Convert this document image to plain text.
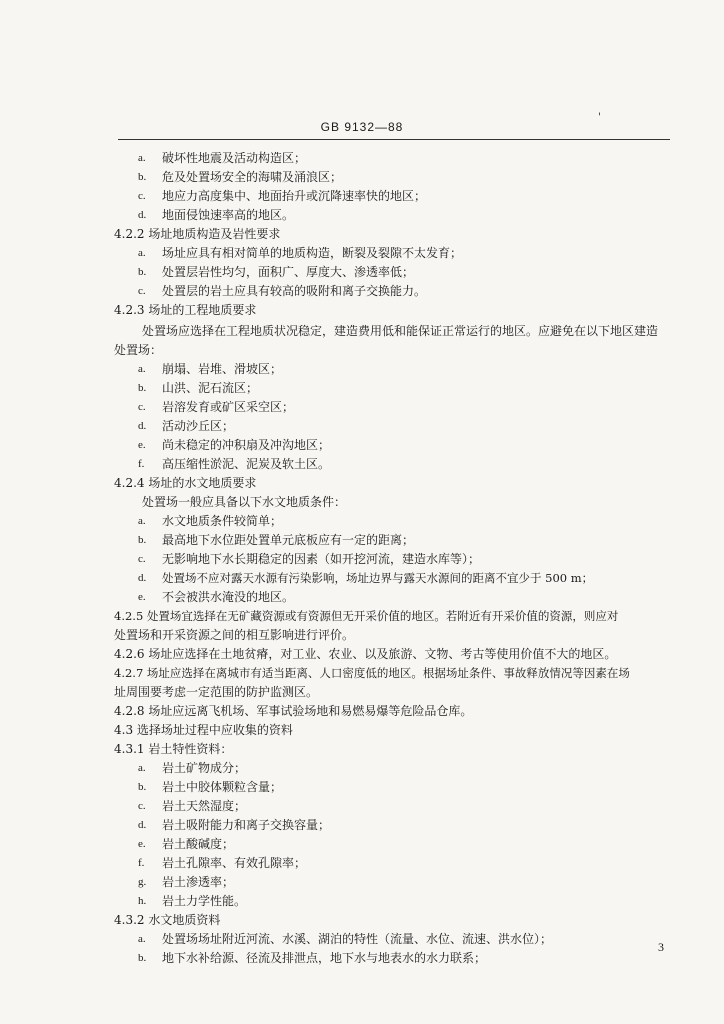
'
GB 9132—88
a.	破坏性地震及活动构造区；
b.	危及处置场安全的海啸及涌浪区；
c.	地应力高度集中、地面抬升或沉降速率快的地区；
d.	地面侵蚀速率高的地区。
4.2.2 场址地质构造及岩性要求
a.	场址应具有相对简单的地质构造，断裂及裂隙不太发育；
b.	处置层岩性均匀，面积广、厚度大、渗透率低；
c.	处置层的岩土应具有较高的吸附和离子交换能力。
4.2.3 场址的工程地质要求
处置场应选择在工程地质状况稳定，建造费用低和能保证正常运行的地区。应避免在以下地区建造
处置场：
a.	崩塌、岩堆、滑坡区；
b.	山洪、泥石流区；
c.	岩溶发育或矿区采空区；
d.	活动沙丘区；
e.	尚未稳定的冲积扇及冲沟地区；
f.	高压缩性淤泥、泥炭及软土区。
4.2.4 场址的水文地质要求
处置场一般应具备以下水文地质条件：
a.	水文地质条件较简单；
b.	最高地下水位距处置单元底板应有一定的距离；
c.	无影响地下水长期稳定的因素（如开挖河流，建造水库等）；
d.	处置场不应对露天水源有污染影响，场址边界与露天水源间的距离不宜少于 500 m；
e.	不会被洪水淹没的地区。
4.2.5 处置场宜选择在无矿藏资源或有资源但无开采价值的地区。若附近有开采价值的资源，则应对
处置场和开采资源之间的相互影响进行评价。
4.2.6 场址应选择在土地贫瘠，对工业、农业、以及旅游、文物、考古等使用价值不大的地区。
4.2.7 场址应选择在离城市有适当距离、人口密度低的地区。根据场址条件、事故释放情况等因素在场
址周围要考虑一定范围的防护监测区。
4.2.8 场址应远离飞机场、军事试验场地和易燃易爆等危险品仓库。
4.3 选择场址过程中应收集的资料
4.3.1 岩土特性资料：
a.	岩土矿物成分；
b.	岩土中胶体颗粒含量；
c.	岩土天然湿度；
d.	岩土吸附能力和离子交换容量；
e.	岩土酸碱度；
f.	岩土孔隙率、有效孔隙率；
g.	岩土渗透率；
h.	岩土力学性能。
4.3.2 水文地质资料
a.	处置场场址附近河流、水溪、湖泊的特性（流量、水位、流速、洪水位）；
b.	地下水补给源、径流及排泄点，地下水与地表水的水力联系；
3
